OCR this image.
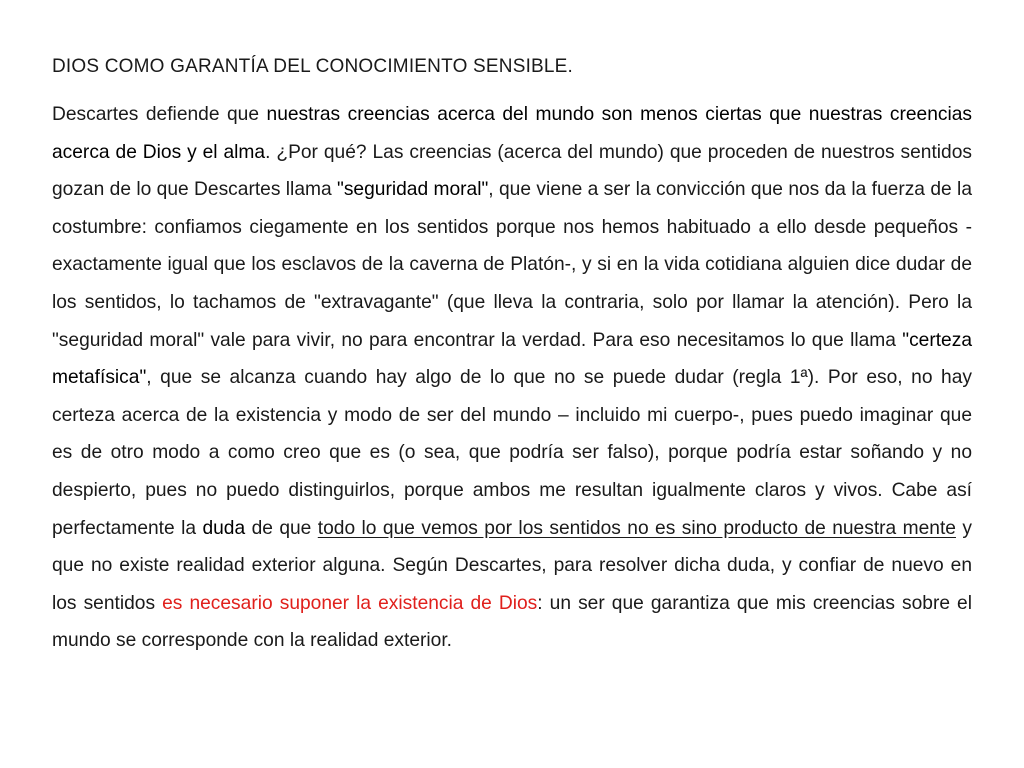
DIOS COMO GARANTÍA DEL CONOCIMIENTO SENSIBLE.

Descartes defiende que nuestras creencias acerca del mundo son menos ciertas que nuestras creencias acerca de Dios y el alma. ¿Por qué? Las creencias (acerca del mundo) que proceden de nuestros sentidos gozan de lo que Descartes llama "seguridad moral", que viene a ser la convicción que nos da la fuerza de la costumbre: confiamos ciegamente en los sentidos porque nos hemos habituado a ello desde pequeños -exactamente igual que los esclavos de la caverna de Platón-, y si en la vida cotidiana alguien dice dudar de los sentidos, lo tachamos de "extravagante" (que lleva la contraria, solo por llamar la atención). Pero la "seguridad moral" vale para vivir, no para encontrar la verdad. Para eso necesitamos lo que llama "certeza metafísica", que se alcanza cuando hay algo de lo que no se puede dudar (regla 1ª). Por eso, no hay certeza acerca de la existencia y modo de ser del mundo – incluido mi cuerpo-, pues puedo imaginar que es de otro modo a como creo que es (o sea, que podría ser falso), porque podría estar soñando y no despierto, pues no puedo distinguirlos, porque ambos me resultan igualmente claros y vivos. Cabe así perfectamente la duda de que todo lo que vemos por los sentidos no es sino producto de nuestra mente y que no existe realidad exterior alguna. Según Descartes, para resolver dicha duda, y confiar de nuevo en los sentidos es necesario suponer la existencia de Dios: un ser que garantiza que mis creencias sobre el mundo se corresponde con la realidad exterior.
